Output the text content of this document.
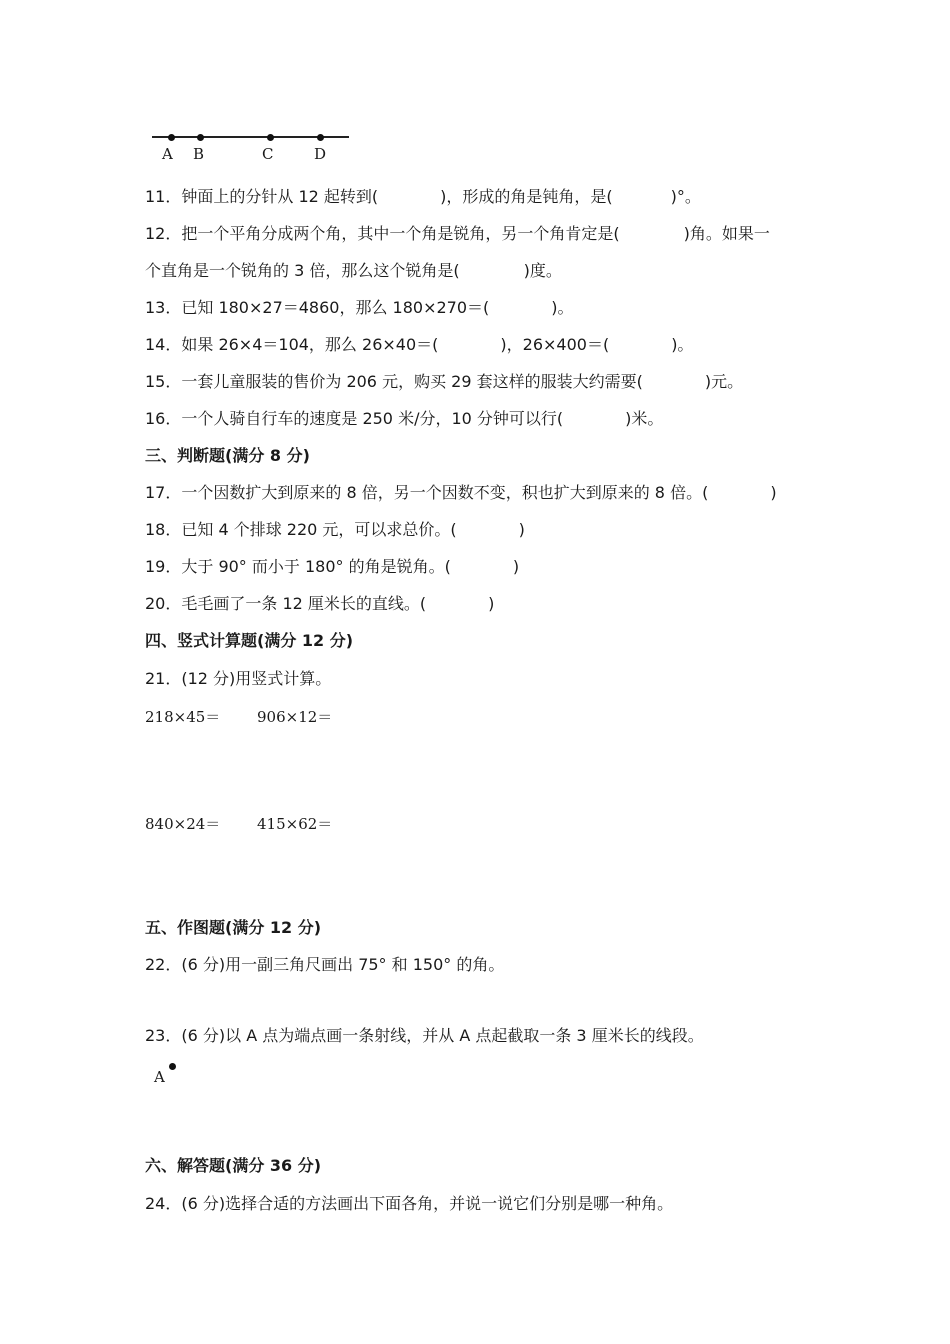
A B	C	D
11．钟面上的分针从 12 起转到(	)，形成的角是钝角，是(	)°。
12．把一个平角分成两个角，其中一个角是锐角，另一个角肯定是(	)角。如果一
个直角是一个锐角的 3 倍，那么这个锐角是(	)度。
13．已知 180×27＝4860，那么 180×270＝(	)。
14．如果 26×4＝104，那么 26×40＝(	)，26×400＝(	)。
15．一套儿童服装的售价为 206 元，购买 29 套这样的服装大约需要(	)元。
16．一个人骑自行车的速度是 250 米/分，10 分钟可以行(	)米。
三、判断题(满分 8 分)
17．一个因数扩大到原来的 8 倍，另一个因数不变，积也扩大到原来的 8 倍。(	)
18．已知 4 个排球 220 元，可以求总价。(	)
19．大于 90° 而小于 180° 的角是锐角。(	)
20．毛毛画了一条 12 厘米长的直线。(	)
四、竖式计算题(满分 12 分)
21．(12 分)用竖式计算。
218×45＝ 906×12＝
840×24＝ 415×62＝
五、作图题(满分 12 分)
22．(6 分)用一副三角尺画出 75° 和 150° 的角。
23．(6 分)以 A 点为端点画一条射线，并从 A 点起截取一条 3 厘米长的线段。
A
六、解答题(满分 36 分)
24．(6 分)选择合适的方法画出下面各角，并说一说它们分别是哪一种角。
